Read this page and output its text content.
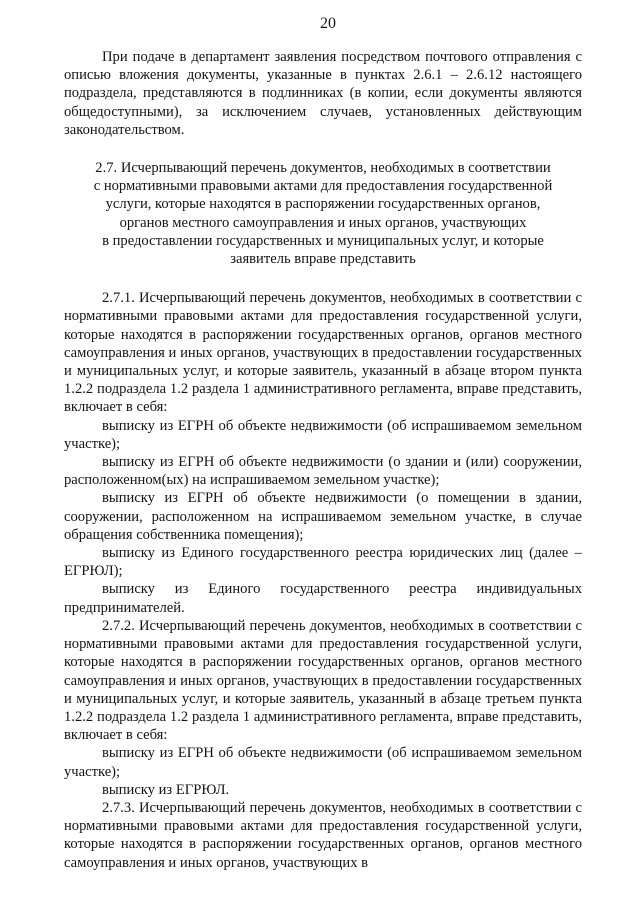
20

При подаче в департамент заявления посредством почтового отправления с описью вложения документы, указанные в пунктах 2.6.1 – 2.6.12 настоящего подраздела, представляются в подлинниках (в копии, если документы являются общедоступными), за исключением случаев, установленных действующим законодательством.

2.7. Исчерпывающий перечень документов, необходимых в соответствии
с нормативными правовыми актами для предоставления государственной
услуги, которые находятся в распоряжении государственных органов,
органов местного самоуправления и иных органов, участвующих
в предоставлении государственных и муниципальных услуг, и которые
заявитель вправе представить

2.7.1. Исчерпывающий перечень документов, необходимых в соответствии с нормативными правовыми актами для предоставления государственной услуги, которые находятся в распоряжении государственных органов, органов местного самоуправления и иных органов, участвующих в предоставлении государственных и муниципальных услуг, и которые заявитель, указанный в абзаце втором пункта 1.2.2 подраздела 1.2 раздела 1 административного регламента, вправе представить, включает в себя:

выписку из ЕГРН об объекте недвижимости (об испрашиваемом земельном участке);

выписку из ЕГРН об объекте недвижимости (о здании и (или) сооружении, расположенном(ых) на испрашиваемом земельном участке);

выписку из ЕГРН об объекте недвижимости (о помещении в здании, сооружении, расположенном на испрашиваемом земельном участке, в случае обращения собственника помещения);

выписку из Единого государственного реестра юридических лиц (далее – ЕГРЮЛ);

выписку из Единого государственного реестра индивидуальных предпринимателей.

2.7.2. Исчерпывающий перечень документов, необходимых в соответствии с нормативными правовыми актами для предоставления государственной услуги, которые находятся в распоряжении государственных органов, органов местного самоуправления и иных органов, участвующих в предоставлении государственных и муниципальных услуг, и которые заявитель, указанный в абзаце третьем пункта 1.2.2 подраздела 1.2 раздела 1 административного регламента, вправе представить, включает в себя:

выписку из ЕГРН об объекте недвижимости (об испрашиваемом земельном участке);

выписку из ЕГРЮЛ.

2.7.3. Исчерпывающий перечень документов, необходимых в соответствии с нормативными правовыми актами для предоставления государственной услуги, которые находятся в распоряжении государственных органов, органов местного самоуправления и иных органов, участвующих в
